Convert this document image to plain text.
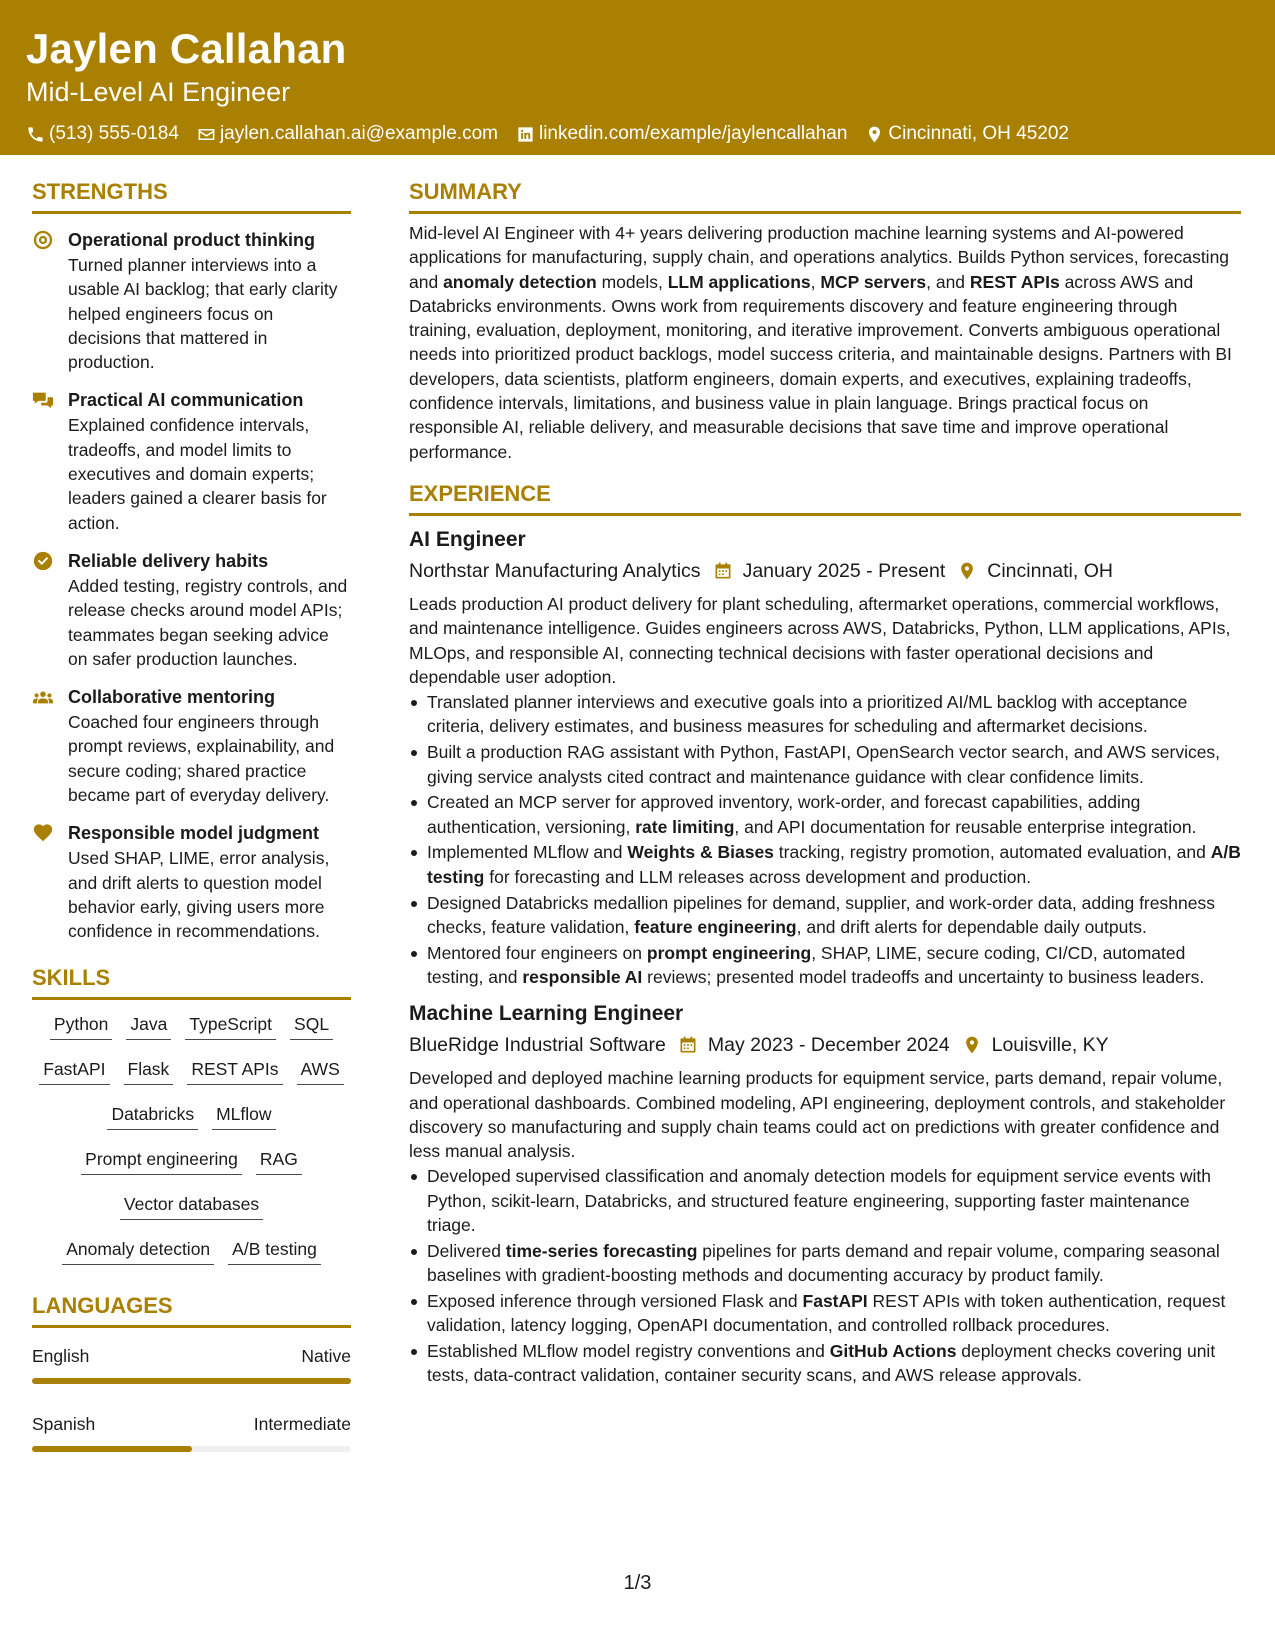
Jaylen Callahan
Mid-Level AI Engineer
(513) 555-0184 jaylen.callahan.ai@example.com linkedin.com/example/jaylencallahan Cincinnati, OH 45202
STRENGTHS
Operational product thinking
Turned planner interviews into a usable AI backlog; that early clarity helped engineers focus on decisions that mattered in production.
Practical AI communication
Explained confidence intervals, tradeoffs, and model limits to executives and domain experts; leaders gained a clearer basis for action.
Reliable delivery habits
Added testing, registry controls, and release checks around model APIs; teammates began seeking advice on safer production launches.
Collaborative mentoring
Coached four engineers through prompt reviews, explainability, and secure coding; shared practice became part of everyday delivery.
Responsible model judgment
Used SHAP, LIME, error analysis, and drift alerts to question model behavior early, giving users more confidence in recommendations.
SKILLS
Python Java TypeScript SQL
FastAPI Flask REST APIs AWS
Databricks MLflow
Prompt engineering RAG
Vector databases
Anomaly detection A/B testing
LANGUAGES
English	Native
Spanish	Intermediate
SUMMARY
Mid-level AI Engineer with 4+ years delivering production machine learning systems and AI-powered applications for manufacturing, supply chain, and operations analytics. Builds Python services, forecasting and anomaly detection models, LLM applications, MCP servers, and REST APIs across AWS and Databricks environments. Owns work from requirements discovery and feature engineering through training, evaluation, deployment, monitoring, and iterative improvement. Converts ambiguous operational needs into prioritized product backlogs, model success criteria, and maintainable designs. Partners with BI developers, data scientists, platform engineers, domain experts, and executives, explaining tradeoffs, confidence intervals, limitations, and business value in plain language. Brings practical focus on responsible AI, reliable delivery, and measurable decisions that save time and improve operational performance.
EXPERIENCE
AI Engineer
Northstar Manufacturing Analytics January 2025 - Present Cincinnati, OH
Leads production AI product delivery for plant scheduling, aftermarket operations, commercial workflows, and maintenance intelligence. Guides engineers across AWS, Databricks, Python, LLM applications, APIs, MLOps, and responsible AI, connecting technical decisions with faster operational decisions and dependable user adoption.
Translated planner interviews and executive goals into a prioritized AI/ML backlog with acceptance criteria, delivery estimates, and business measures for scheduling and aftermarket decisions.
Built a production RAG assistant with Python, FastAPI, OpenSearch vector search, and AWS services, giving service analysts cited contract and maintenance guidance with clear confidence limits.
Created an MCP server for approved inventory, work-order, and forecast capabilities, adding authentication, versioning, rate limiting, and API documentation for reusable enterprise integration.
Implemented MLflow and Weights & Biases tracking, registry promotion, automated evaluation, and A/B testing for forecasting and LLM releases across development and production.
Designed Databricks medallion pipelines for demand, supplier, and work-order data, adding freshness checks, feature validation, feature engineering, and drift alerts for dependable daily outputs.
Mentored four engineers on prompt engineering, SHAP, LIME, secure coding, CI/CD, automated testing, and responsible AI reviews; presented model tradeoffs and uncertainty to business leaders.
Machine Learning Engineer
BlueRidge Industrial Software May 2023 - December 2024 Louisville, KY
Developed and deployed machine learning products for equipment service, parts demand, repair volume, and operational dashboards. Combined modeling, API engineering, deployment controls, and stakeholder discovery so manufacturing and supply chain teams could act on predictions with greater confidence and less manual analysis.
Developed supervised classification and anomaly detection models for equipment service events with Python, scikit-learn, Databricks, and structured feature engineering, supporting faster maintenance triage.
Delivered time-series forecasting pipelines for parts demand and repair volume, comparing seasonal baselines with gradient-boosting methods and documenting accuracy by product family.
Exposed inference through versioned Flask and FastAPI REST APIs with token authentication, request validation, latency logging, OpenAPI documentation, and controlled rollback procedures.
Established MLflow model registry conventions and GitHub Actions deployment checks covering unit tests, data-contract validation, container security scans, and AWS release approvals.
1/3
